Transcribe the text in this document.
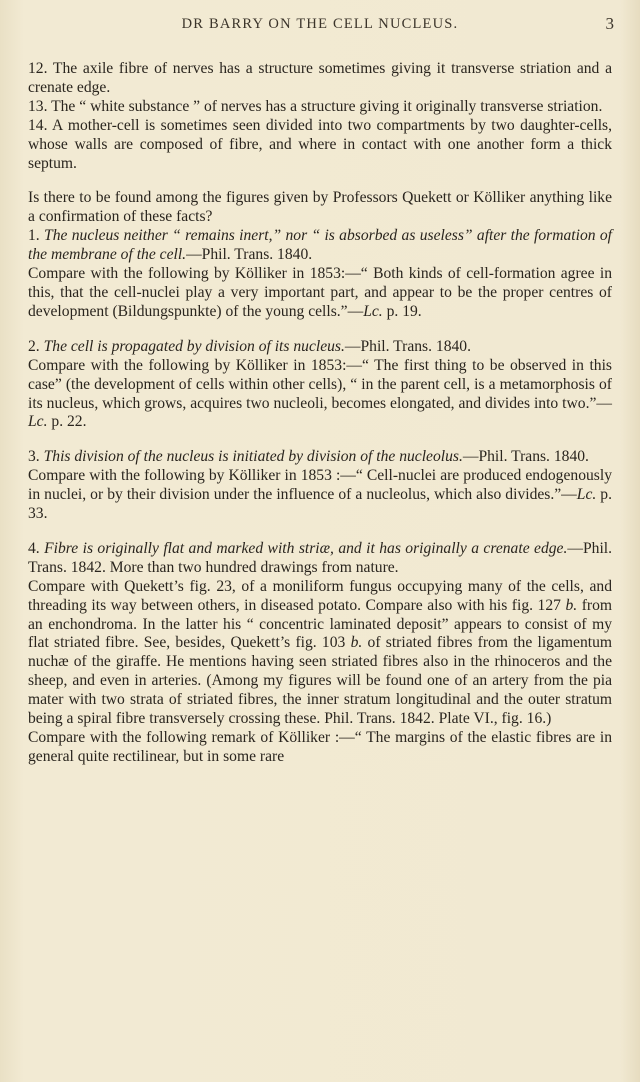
DR BARRY ON THE CELL NUCLEUS.	3

12. The axile fibre of nerves has a structure sometimes giving it transverse striation and a crenate edge.

13. The “ white substance ” of nerves has a structure giving it originally transverse striation.

14. A mother-cell is sometimes seen divided into two compartments by two daughter-cells, whose walls are composed of fibre, and where in contact with one another form a thick septum.

Is there to be found among the figures given by Professors Quekett or Kölliker anything like a confirmation of these facts?

1. The nucleus neither “ remains inert,” nor “ is absorbed as useless” after the formation of the membrane of the cell.—Phil. Trans. 1840.

Compare with the following by Kölliker in 1853:—“ Both kinds of cell-formation agree in this, that the cell-nuclei play a very important part, and appear to be the proper centres of development (Bildungspunkte) of the young cells.”—Lc. p. 19.

2. The cell is propagated by division of its nucleus.—Phil. Trans. 1840.

Compare with the following by Kölliker in 1853:—“ The first thing to be observed in this case” (the development of cells within other cells), “ in the parent cell, is a metamorphosis of its nucleus, which grows, acquires two nucleoli, becomes elongated, and divides into two.”—Lc. p. 22.

3. This division of the nucleus is initiated by division of the nucleolus.—Phil. Trans. 1840.

Compare with the following by Kölliker in 1853 :—“ Cell-nuclei are produced endogenously in nuclei, or by their division under the influence of a nucleolus, which also divides.”—Lc. p. 33.

4. Fibre is originally flat and marked with striæ, and it has originally a crenate edge.—Phil. Trans. 1842. More than two hundred drawings from nature.

Compare with Quekett’s fig. 23, of a moniliform fungus occupying many of the cells, and threading its way between others, in diseased potato. Compare also with his fig. 127 b. from an enchondroma. In the latter his “ concentric laminated deposit” appears to consist of my flat striated fibre. See, besides, Quekett’s fig. 103 b. of striated fibres from the ligamentum nuchæ of the giraffe. He mentions having seen striated fibres also in the rhinoceros and the sheep, and even in arteries. (Among my figures will be found one of an artery from the pia mater with two strata of striated fibres, the inner stratum longitudinal and the outer stratum being a spiral fibre transversely crossing these. Phil. Trans. 1842. Plate VI., fig. 16.)

Compare with the following remark of Kölliker :—“ The margins of the elastic fibres are in general quite rectilinear, but in some rare
